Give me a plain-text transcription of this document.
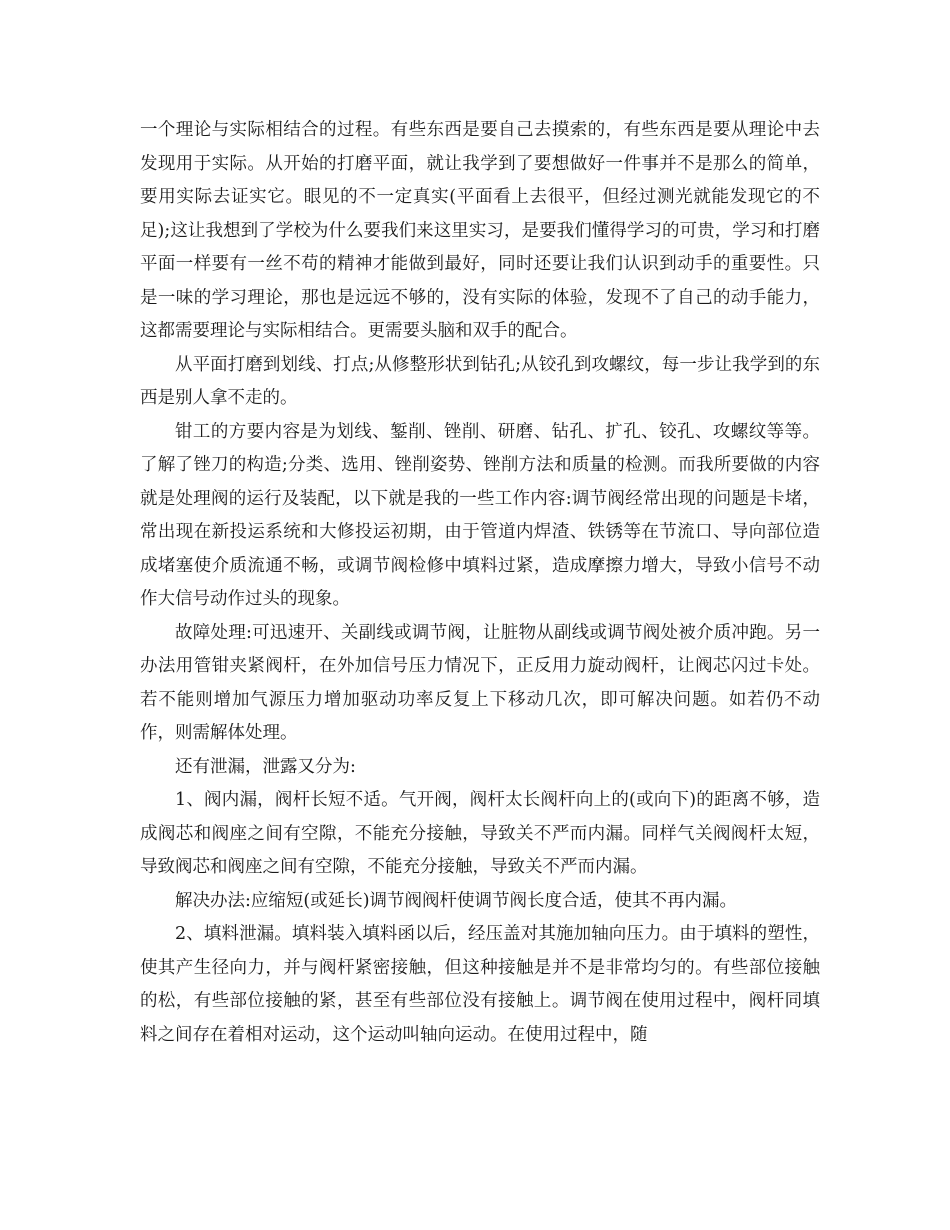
一个理论与实际相结合的过程。有些东西是要自己去摸索的，有些东西是要从理论中去发现用于实际。从开始的打磨平面，就让我学到了要想做好一件事并不是那么的简单，要用实际去证实它。眼见的不一定真实(平面看上去很平，但经过测光就能发现它的不足);这让我想到了学校为什么要我们来这里实习，是要我们懂得学习的可贵，学习和打磨平面一样要有一丝不苟的精神才能做到最好，同时还要让我们认识到动手的重要性。只是一味的学习理论，那也是远远不够的，没有实际的体验，发现不了自己的动手能力，这都需要理论与实际相结合。更需要头脑和双手的配合。

从平面打磨到划线、打点;从修整形状到钻孔;从铰孔到攻螺纹，每一步让我学到的东西是别人拿不走的。

钳工的方要内容是为划线、錾削、锉削、研磨、钻孔、扩孔、铰孔、攻螺纹等等。了解了锉刀的构造;分类、选用、锉削姿势、锉削方法和质量的检测。而我所要做的内容就是处理阀的运行及装配，以下就是我的一些工作内容:调节阀经常出现的问题是卡堵，常出现在新投运系统和大修投运初期，由于管道内焊渣、铁锈等在节流口、导向部位造成堵塞使介质流通不畅，或调节阀检修中填料过紧，造成摩擦力增大，导致小信号不动作大信号动作过头的现象。

故障处理:可迅速开、关副线或调节阀，让脏物从副线或调节阀处被介质冲跑。另一办法用管钳夹紧阀杆，在外加信号压力情况下，正反用力旋动阀杆，让阀芯闪过卡处。若不能则增加气源压力增加驱动功率反复上下移动几次，即可解决问题。如若仍不动作，则需解体处理。

还有泄漏，泄露又分为:

1、阀内漏，阀杆长短不适。气开阀，阀杆太长阀杆向上的(或向下)的距离不够，造成阀芯和阀座之间有空隙，不能充分接触，导致关不严而内漏。同样气关阀阀杆太短，导致阀芯和阀座之间有空隙，不能充分接触，导致关不严而内漏。

解决办法:应缩短(或延长)调节阀阀杆使调节阀长度合适，使其不再内漏。

2、填料泄漏。填料装入填料函以后，经压盖对其施加轴向压力。由于填料的塑性，使其产生径向力，并与阀杆紧密接触，但这种接触是并不是非常均匀的。有些部位接触的松，有些部位接触的紧，甚至有些部位没有接触上。调节阀在使用过程中，阀杆同填料之间存在着相对运动，这个运动叫轴向运动。在使用过程中，随
